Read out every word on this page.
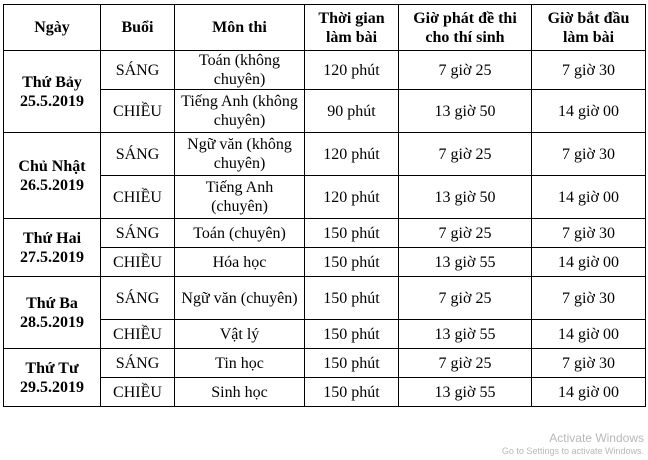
Ngày	Buổi	Môn thi	Thời gian làm bài	Giờ phát đề thi cho thí sinh	Giờ bắt đầu làm bài
Thứ Bảy
25.5.2019	SÁNG	Toán (không chuyên)	120 phút	7 giờ 25	7 giờ 30
	CHIỀU	Tiếng Anh (không chuyên)	90 phút	13 giờ 50	14 giờ 00
Chủ Nhật
26.5.2019	SÁNG	Ngữ văn (không chuyên)	120 phút	7 giờ 25	7 giờ 30
	CHIỀU	Tiếng Anh (chuyên)	120 phút	13 giờ 50	14 giờ 00
Thứ Hai
27.5.2019	SÁNG	Toán (chuyên)	150 phút	7 giờ 25	7 giờ 30
	CHIỀU	Hóa học	150 phút	13 giờ 55	14 giờ 00
Thứ Ba
28.5.2019	SÁNG	Ngữ văn (chuyên)	150 phút	7 giờ 25	7 giờ 30
	CHIỀU	Vật lý	150 phút	13 giờ 55	14 giờ 00
Thứ Tư
29.5.2019	SÁNG	Tin học	150 phút	7 giờ 25	7 giờ 30
	CHIỀU	Sinh học	150 phút	13 giờ 55	14 giờ 00
Activate Windows
Go to Settings to activate Windows.
